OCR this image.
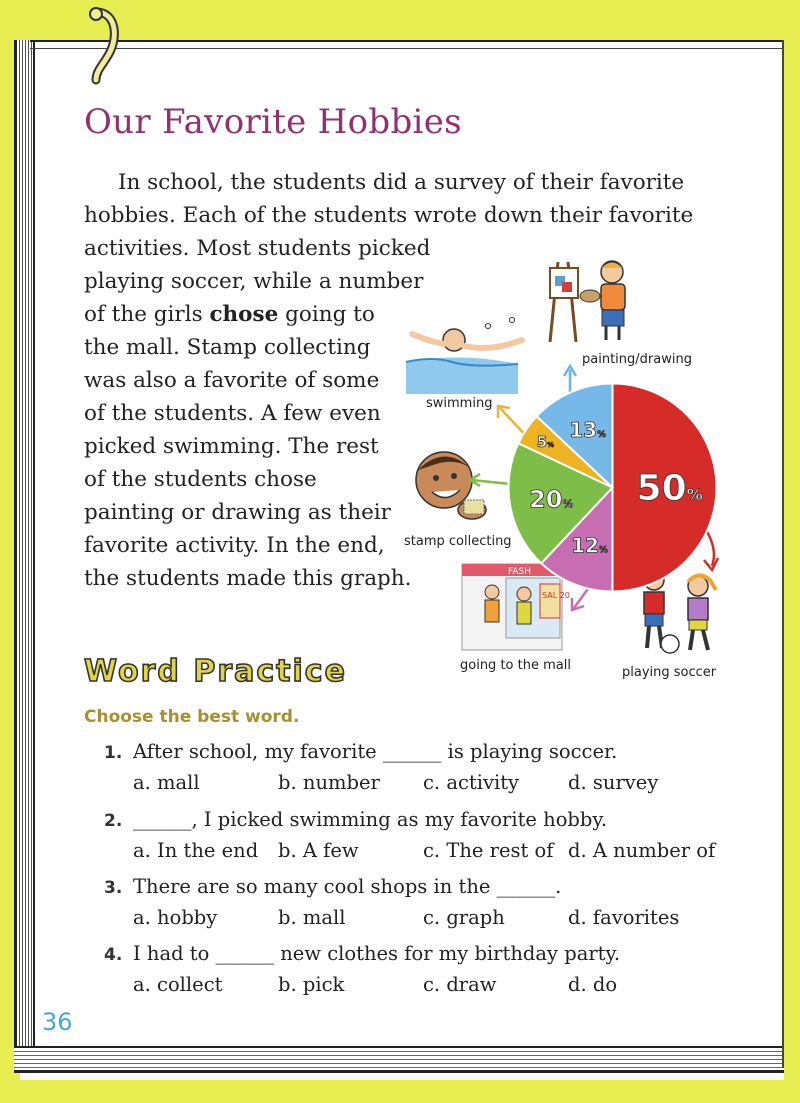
Our Favorite Hobbies
In school, the students did a survey of their favorite
hobbies. Each of the students wrote down their favorite
activities. Most students picked
playing soccer, while a number
of the girls chose going to
the mall. Stamp collecting
was also a favorite of some
of the students. A few even
picked swimming. The rest
of the students chose
painting or drawing as their
favorite activity. In the end,
the students made this graph.	FASH
SAL 20
50%
12%
20%
5%
13%
painting/drawing
swimming
stamp collecting
going to the mall	playing soccer
Word Practice
Choose the best word.
1. After school, my favorite ______ is playing soccer.
a. mall	b. number c. activity	d. survey
2. ______, I picked swimming as my favorite hobby.
a. In the end b. A few	c. The rest of d. A number of
3. There are so many cool shops in the ______.
a. hobby	b. mall	c. graph	d. favorites
4. I had to ______ new clothes for my birthday party.
a. collect	b. pick	c. draw	d. do
36
